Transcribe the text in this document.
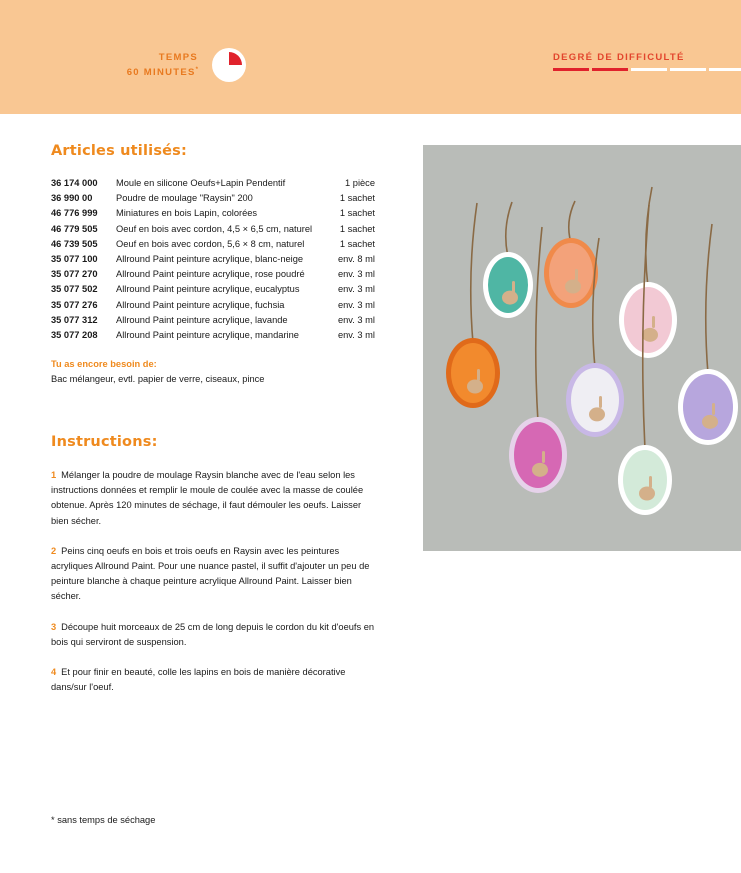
TEMPS
60 MINUTES*
DEGRÉ DE DIFFICULTÉ
Articles utilisés:
36 174 000	Moule en silicone Oeufs+Lapin Pendentif	1 pièce
36 990 00	Poudre de moulage "Raysin" 200	1 sachet
46 776 999	Miniatures en bois Lapin, colorées	1 sachet
46 779 505	Oeuf en bois avec cordon, 4,5 × 6,5 cm, naturel	1 sachet
46 739 505	Oeuf en bois avec cordon, 5,6 × 8 cm, naturel	1 sachet
35 077 100	Allround Paint peinture acrylique, blanc-neige	env. 8 ml
35 077 270	Allround Paint peinture acrylique, rose poudré	env. 3 ml
35 077 502	Allround Paint peinture acrylique, eucalyptus	env. 3 ml
35 077 276	Allround Paint peinture acrylique, fuchsia	env. 3 ml
35 077 312	Allround Paint peinture acrylique, lavande	env. 3 ml
35 077 208	Allround Paint peinture acrylique, mandarine	env. 3 ml
Tu as encore besoin de:
Bac mélangeur, evtl. papier de verre, ciseaux, pince
Instructions:
1 Mélanger la poudre de moulage Raysin blanche avec de l'eau selon les instructions données et remplir le moule de coulée avec la masse de coulée obtenue. Après 120 minutes de séchage, il faut démouler les oeufs. Laisser bien sécher.
2 Peins cinq oeufs en bois et trois oeufs en Raysin avec les peintures acryliques Allround Paint. Pour une nuance pastel, il suffit d'ajouter un peu de peinture blanche à chaque peinture acrylique Allround Paint. Laisser bien sécher.
3 Découpe huit morceaux de 25 cm de long depuis le cordon du kit d'oeufs en bois qui serviront de suspension.
4 Et pour finir en beauté, colle les lapins en bois de manière décorative dans/sur l'oeuf.
* sans temps de séchage
